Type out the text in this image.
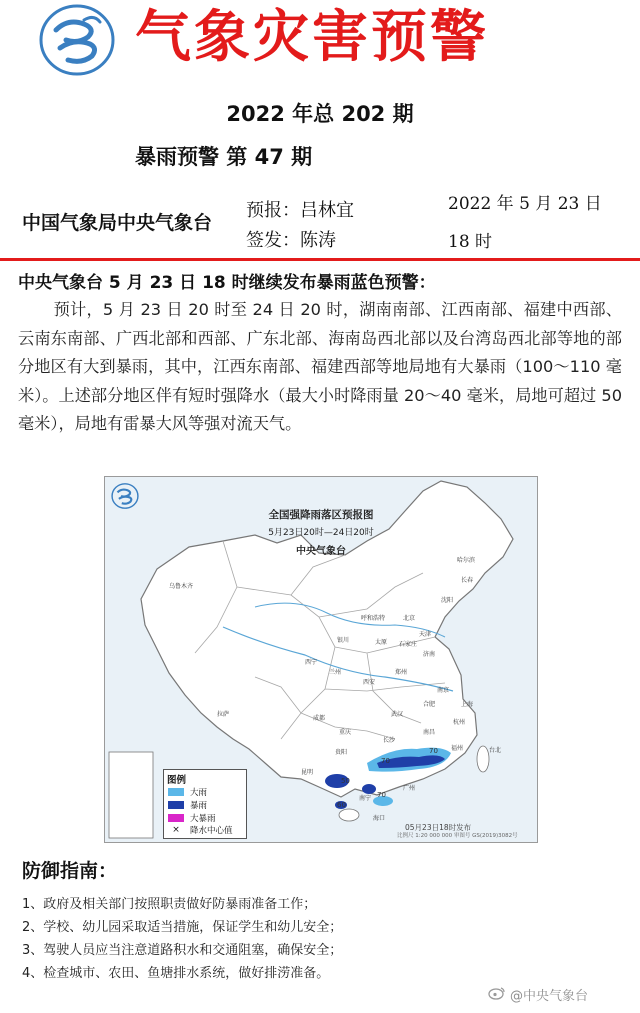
气象灾害预警
2022 年总 202 期
暴雨预警 第 47 期
中国气象局中央气象台
预报：吕林宜
签发：陈涛
2022 年 5 月 23 日 18 时
中央气象台 5 月 23 日 18 时继续发布暴雨蓝色预警：
预计，5 月 23 日 20 时至 24 日 20 时，湖南南部、江西南部、福建中西部、云南东南部、广西北部和西部、广东北部、海南岛西北部以及台湾岛西北部等地的部分地区有大到暴雨，其中，江西东南部、福建西部等地局地有大暴雨（100～110 毫米）。上述部分地区伴有短时强降水（最大小时降雨量 20～40 毫米，局地可超过 50 毫米），局地有雷暴大风等强对流天气。
全国强降雨落区预报图
5月23日20时—24日20时
中央气象台
乌鲁木齐
哈尔滨
长春
沈阳
北京
天津
呼和浩特
银川	太原 石家庄
济南
西宁
兰州	郑州
西安
拉萨
成都
重庆
武汉
合肥
南京
上海
杭州
长沙
南昌
福州
贵阳
昆明
南宁
广州
台北
海口
70
70
70
50
60
图例
大雨
暴雨
大暴雨
×	降水中心值	05月23日18时发布
比例尺 1:20 000 000 审图号 GS(2019)3082号
防御指南：
1、政府及相关部门按照职责做好防暴雨准备工作；
2、学校、幼儿园采取适当措施，保证学生和幼儿安全；
3、驾驶人员应当注意道路积水和交通阻塞，确保安全；
4、检查城市、农田、鱼塘排水系统，做好排涝准备。
@中央气象台
